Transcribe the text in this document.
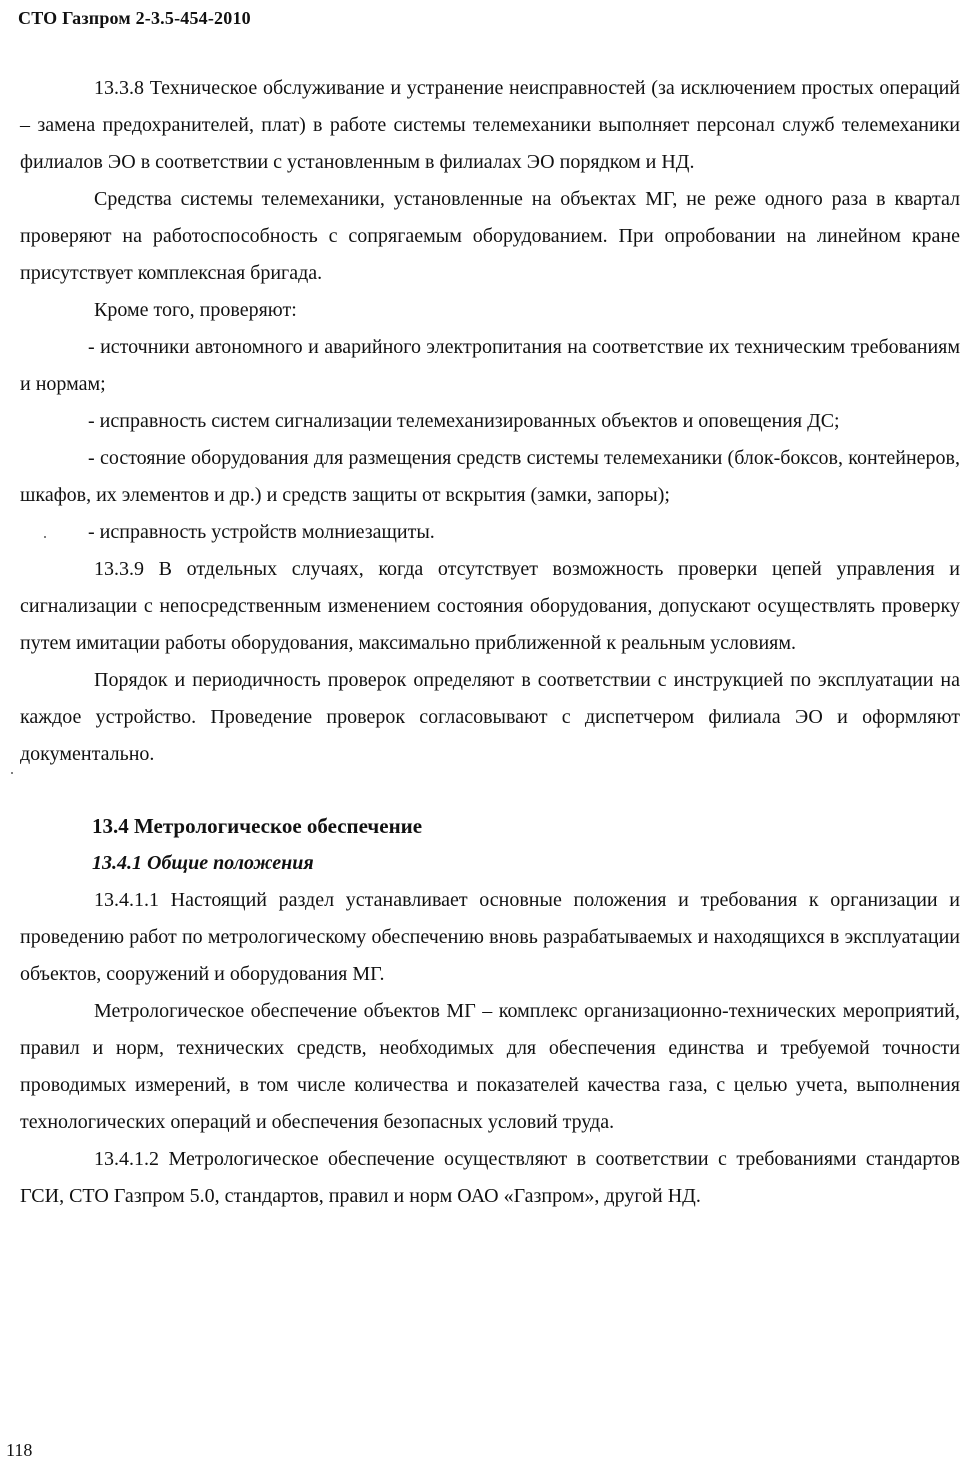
СТО Газпром 2-3.5-454-2010

13.3.8 Техническое обслуживание и устранение неисправностей (за исключением простых операций – замена предохранителей, плат) в работе системы телемеханики выполняет персонал служб телемеханики филиалов ЭО в соответствии с установленным в филиалах ЭО порядком и НД.

Средства системы телемеханики, установленные на объектах МГ, не реже одного раза в квартал проверяют на работоспособность с сопрягаемым оборудованием. При опробовании на линейном кране присутствует комплексная бригада.

Кроме того, проверяют:

- источники автономного и аварийного электропитания на соответствие их техническим требованиям и нормам;

- исправность систем сигнализации телемеханизированных объектов и оповещения ДС;

- состояние оборудования для размещения средств системы телемеханики (блок-боксов, контейнеров, шкафов, их элементов и др.) и средств защиты от вскрытия (замки, запоры);

- исправность устройств молниезащиты.

13.3.9 В отдельных случаях, когда отсутствует возможность проверки цепей управления и сигнализации с непосредственным изменением состояния оборудования, допускают осуществлять проверку путем имитации работы оборудования, максимально приближенной к реальным условиям.

Порядок и периодичность проверок определяют в соответствии с инструкцией по эксплуатации на каждое устройство. Проведение проверок согласовывают с диспетчером филиала ЭО и оформляют документально.

13.4 Метрологическое обеспечение
13.4.1 Общие положения

13.4.1.1 Настоящий раздел устанавливает основные положения и требования к организации и проведению работ по метрологическому обеспечению вновь разрабатываемых и находящихся в эксплуатации объектов, сооружений и оборудования МГ.

Метрологическое обеспечение объектов МГ – комплекс организационно-технических мероприятий, правил и норм, технических средств, необходимых для обеспечения единства и требуемой точности проводимых измерений, в том числе количества и показателей качества газа, с целью учета, выполнения технологических операций и обеспечения безопасных условий труда.

13.4.1.2 Метрологическое обеспечение осуществляют в соответствии с требованиями стандартов ГСИ, СТО Газпром 5.0, стандартов, правил и норм ОАО «Газпром», другой НД.

118
